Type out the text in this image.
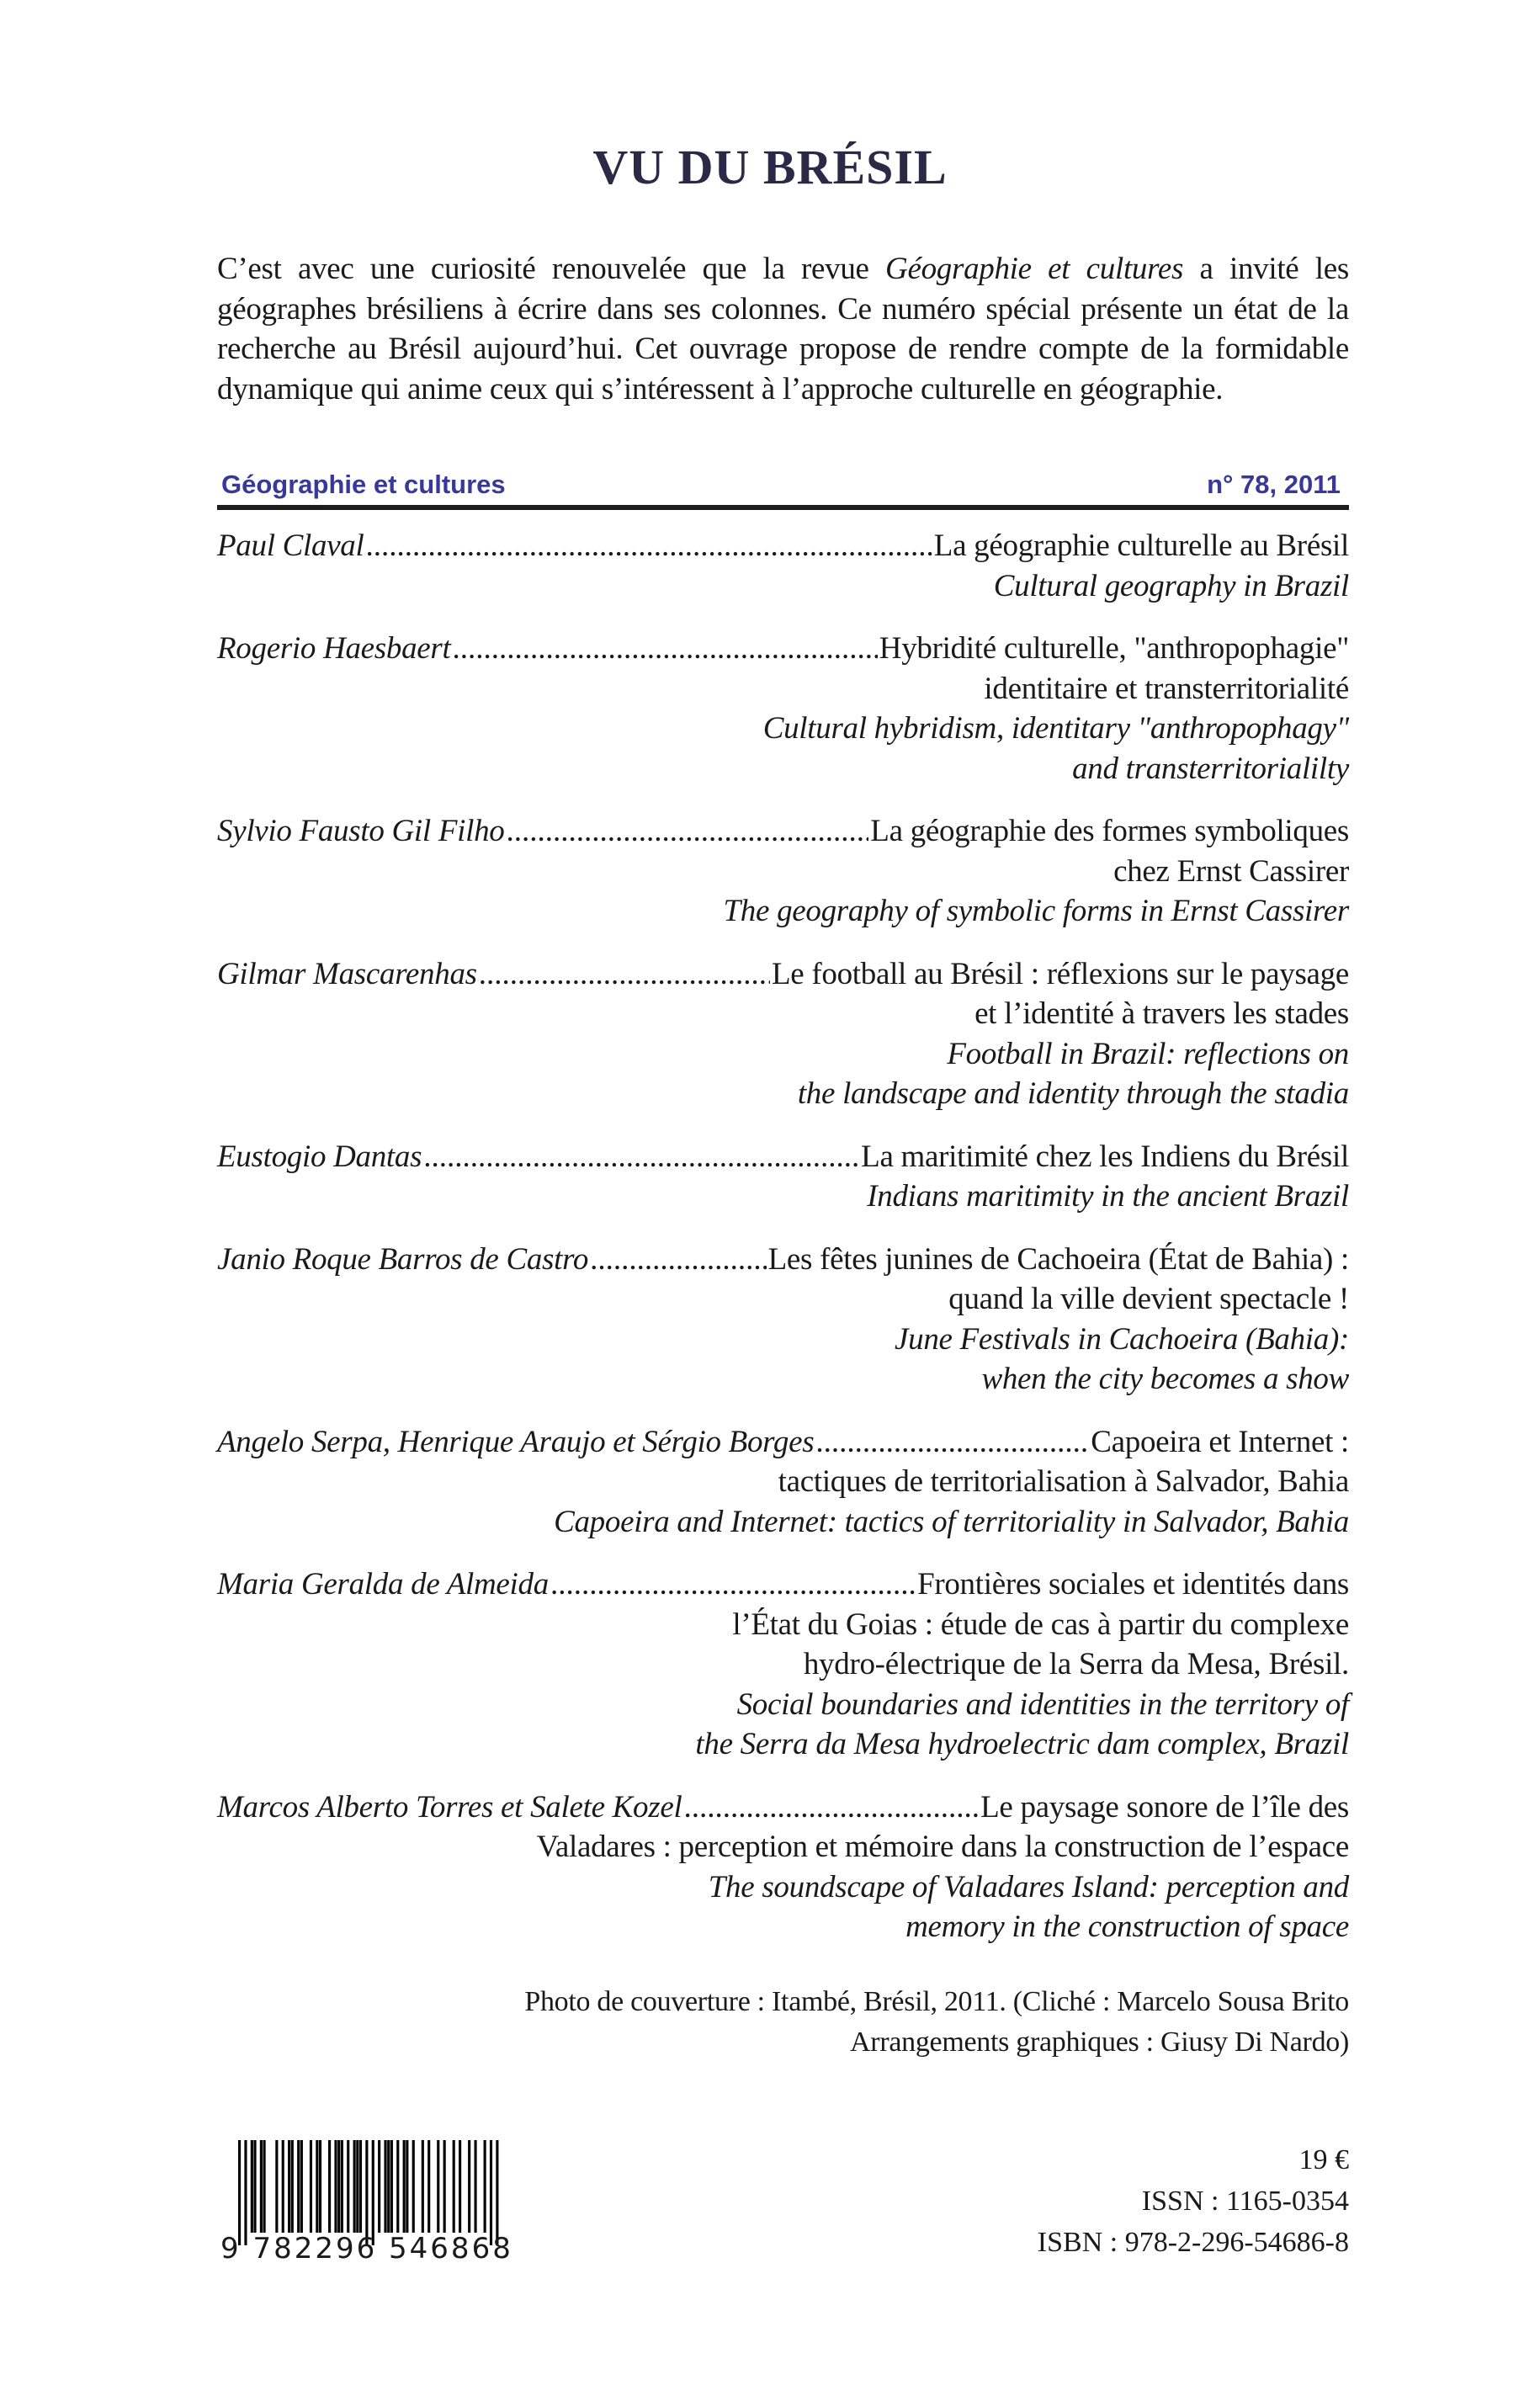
VU DU BRÉSIL

C’est avec une curiosité renouvelée que la revue Géographie et cultures a invité les géographes brésiliens à écrire dans ses colonnes. Ce numéro spécial présente un état de la recherche au Brésil aujourd’hui. Cet ouvrage propose de rendre compte de la formidable dynamique qui anime ceux qui s’intéressent à l’approche culturelle en géographie.

Géographie et cultures	n° 78, 2011
Paul Claval .....	La géographie culturelle au Brésil
Cultural geography in Brazil
Rogerio Haesbaert .....	Hybridité culturelle, "anthropophagie"
identitaire et transterritorialité
Cultural hybridism, identitary "anthropophagy"
and transterritorialilty
Sylvio Fausto Gil Filho .....	La géographie des formes symboliques
chez Ernst Cassirer
The geography of symbolic forms in Ernst Cassirer
Gilmar Mascarenhas .....	Le football au Brésil : réflexions sur le paysage
et l’identité à travers les stades
Football in Brazil: reflections on
the landscape and identity through the stadia
Eustogio Dantas .....	La maritimité chez les Indiens du Brésil
Indians maritimity in the ancient Brazil
Janio Roque Barros de Castro .....	Les fêtes junines de Cachoeira (État de Bahia) :
quand la ville devient spectacle !
June Festivals in Cachoeira (Bahia):
when the city becomes a show
Angelo Serpa, Henrique Araujo et Sérgio Borges .....	Capoeira et Internet :
tactiques de territorialisation à Salvador, Bahia
Capoeira and Internet: tactics of territoriality in Salvador, Bahia
Maria Geralda de Almeida .....	Frontières sociales et identités dans
l’État du Goias : étude de cas à partir du complexe
hydro-électrique de la Serra da Mesa, Brésil.
Social boundaries and identities in the territory of
the Serra da Mesa hydroelectric dam complex, Brazil
Marcos Alberto Torres et Salete Kozel .....	Le paysage sonore de l’île des
Valadares : perception et mémoire dans la construction de l’espace
The soundscape of Valadares Island: perception and
memory in the construction of space
Photo de couverture : Itambé, Brésil, 2011. (Cliché : Marcelo Sousa Brito
Arrangements graphiques : Giusy Di Nardo)
9 782296 546868
19 €
ISSN : 1165-0354
ISBN : 978-2-296-54686-8
